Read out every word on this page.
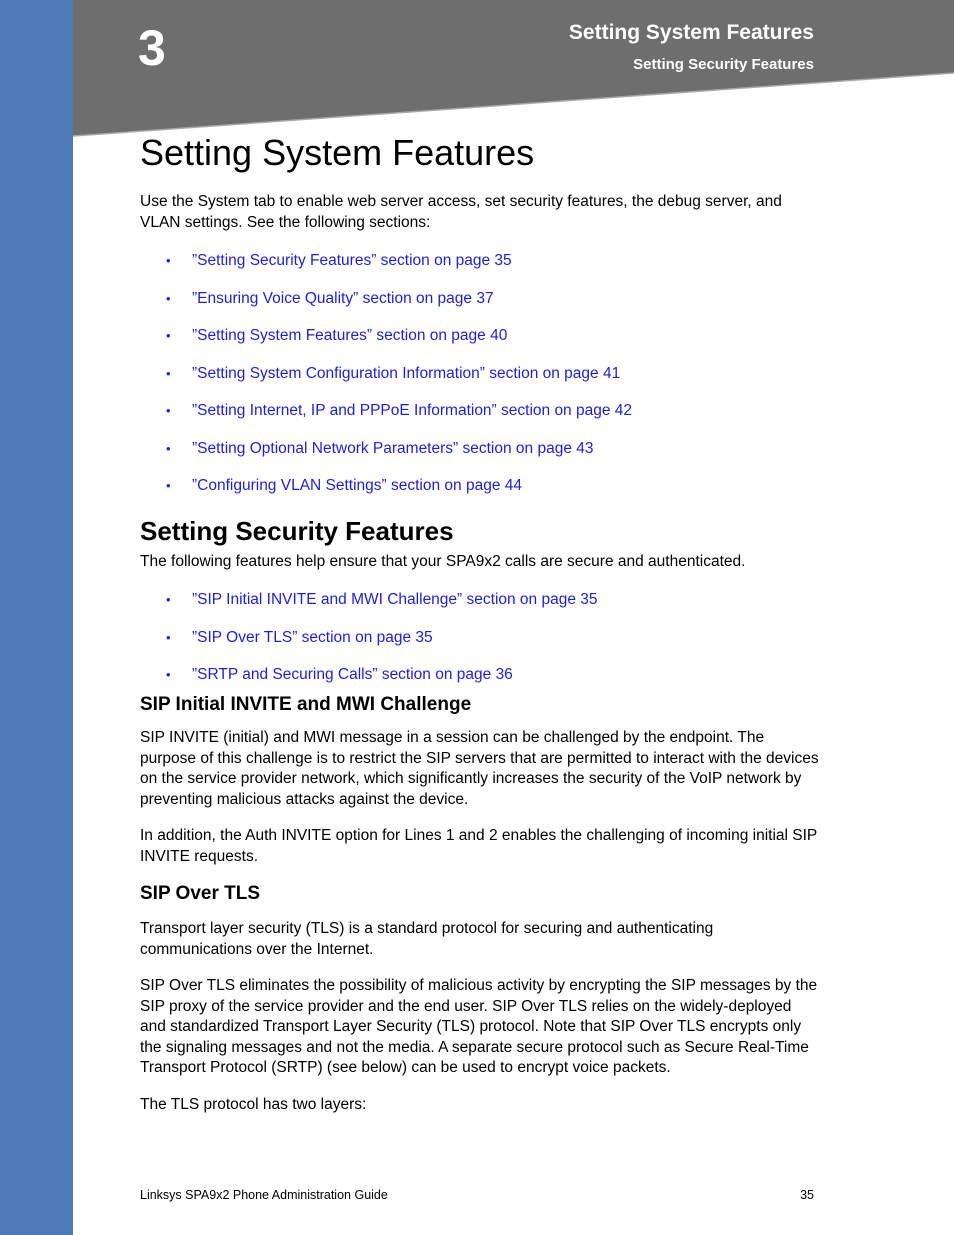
3	Setting System Features
Setting Security Features
Setting System Features

Use the System tab to enable web server access, set security features, the debug server, and VLAN settings. See the following sections:

• ”Setting Security Features” section on page 35
• ”Ensuring Voice Quality” section on page 37
• ”Setting System Features” section on page 40
• ”Setting System Configuration Information” section on page 41
• ”Setting Internet, IP and PPPoE Information” section on page 42
• ”Setting Optional Network Parameters” section on page 43
• ”Configuring VLAN Settings” section on page 44
Setting Security Features

The following features help ensure that your SPA9x2 calls are secure and authenticated.

• ”SIP Initial INVITE and MWI Challenge” section on page 35
• ”SIP Over TLS” section on page 35
• ”SRTP and Securing Calls” section on page 36
SIP Initial INVITE and MWI Challenge

SIP INVITE (initial) and MWI message in a session can be challenged by the endpoint. The purpose of this challenge is to restrict the SIP servers that are permitted to interact with the devices on the service provider network, which significantly increases the security of the VoIP network by preventing malicious attacks against the device.

In addition, the Auth INVITE option for Lines 1 and 2 enables the challenging of incoming initial SIP INVITE requests.

SIP Over TLS

Transport layer security (TLS) is a standard protocol for securing and authenticating communications over the Internet.

SIP Over TLS eliminates the possibility of malicious activity by encrypting the SIP messages by the SIP proxy of the service provider and the end user. SIP Over TLS relies on the widely-deployed and standardized Transport Layer Security (TLS) protocol. Note that SIP Over TLS encrypts only the signaling messages and not the media. A separate secure protocol such as Secure Real-Time Transport Protocol (SRTP) (see below) can be used to encrypt voice packets.

The TLS protocol has two layers:

Linksys SPA9x2 Phone Administration Guide	35
